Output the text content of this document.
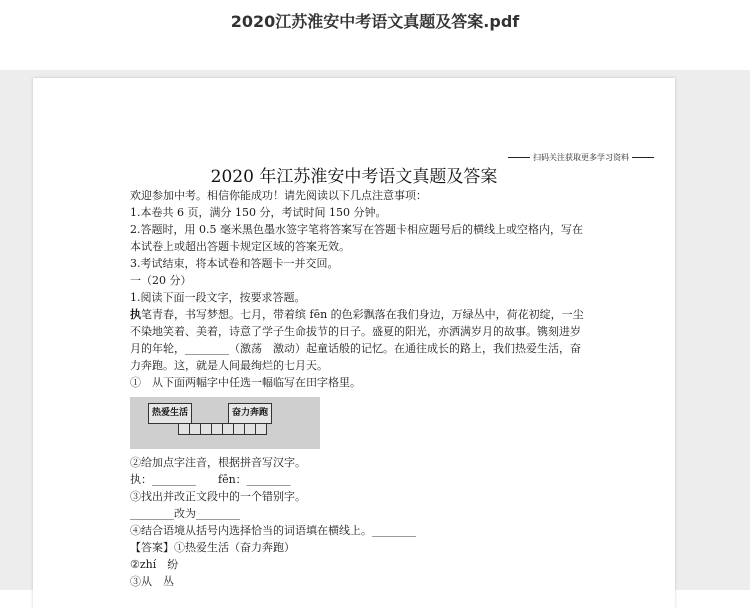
2020江苏淮安中考语文真题及答案.pdf
扫码关注获取更多学习资料
2020 年江苏淮安中考语文真题及答案

欢迎参加中考。相信你能成功！请先阅读以下几点注意事项：

1.本卷共 6 页，满分 150 分，考试时间 150 分钟。

2.答题时，用 0.5 毫米黑色墨水签字笔将答案写在答题卡相应题号后的横线上或空格内，写在本试卷上或超出答题卡规定区域的答案无效。

3.考试结束，将本试卷和答题卡一并交回。

一（20 分）

1.阅读下面一段文字，按要求答题。

执笔青春，书写梦想。七月，带着缤 fēn 的色彩飘落在我们身边，万绿丛中，荷花初绽，一尘不染地笑着、美着，诗意了学子生命拔节的日子。盛夏的阳光，亦洒满岁月的故事。镌刻进岁月的年轮，________（激荡　激动）起童话般的记忆。在通往成长的路上，我们热爱生活，奋力奔跑。这，就是人间最绚烂的七月天。

①　从下面两幅字中任选一幅临写在田字格里。

热爱生活	奋力奔跑

②给加点字注音，根据拼音写汉字。

执：________　　fēn：________

③找出并改正文段中的一个错别字。

________改为________

④结合语境从括号内选择恰当的词语填在横线上。________

【答案】①热爱生活（奋力奔跑）

②zhí　纷

③从　丛
